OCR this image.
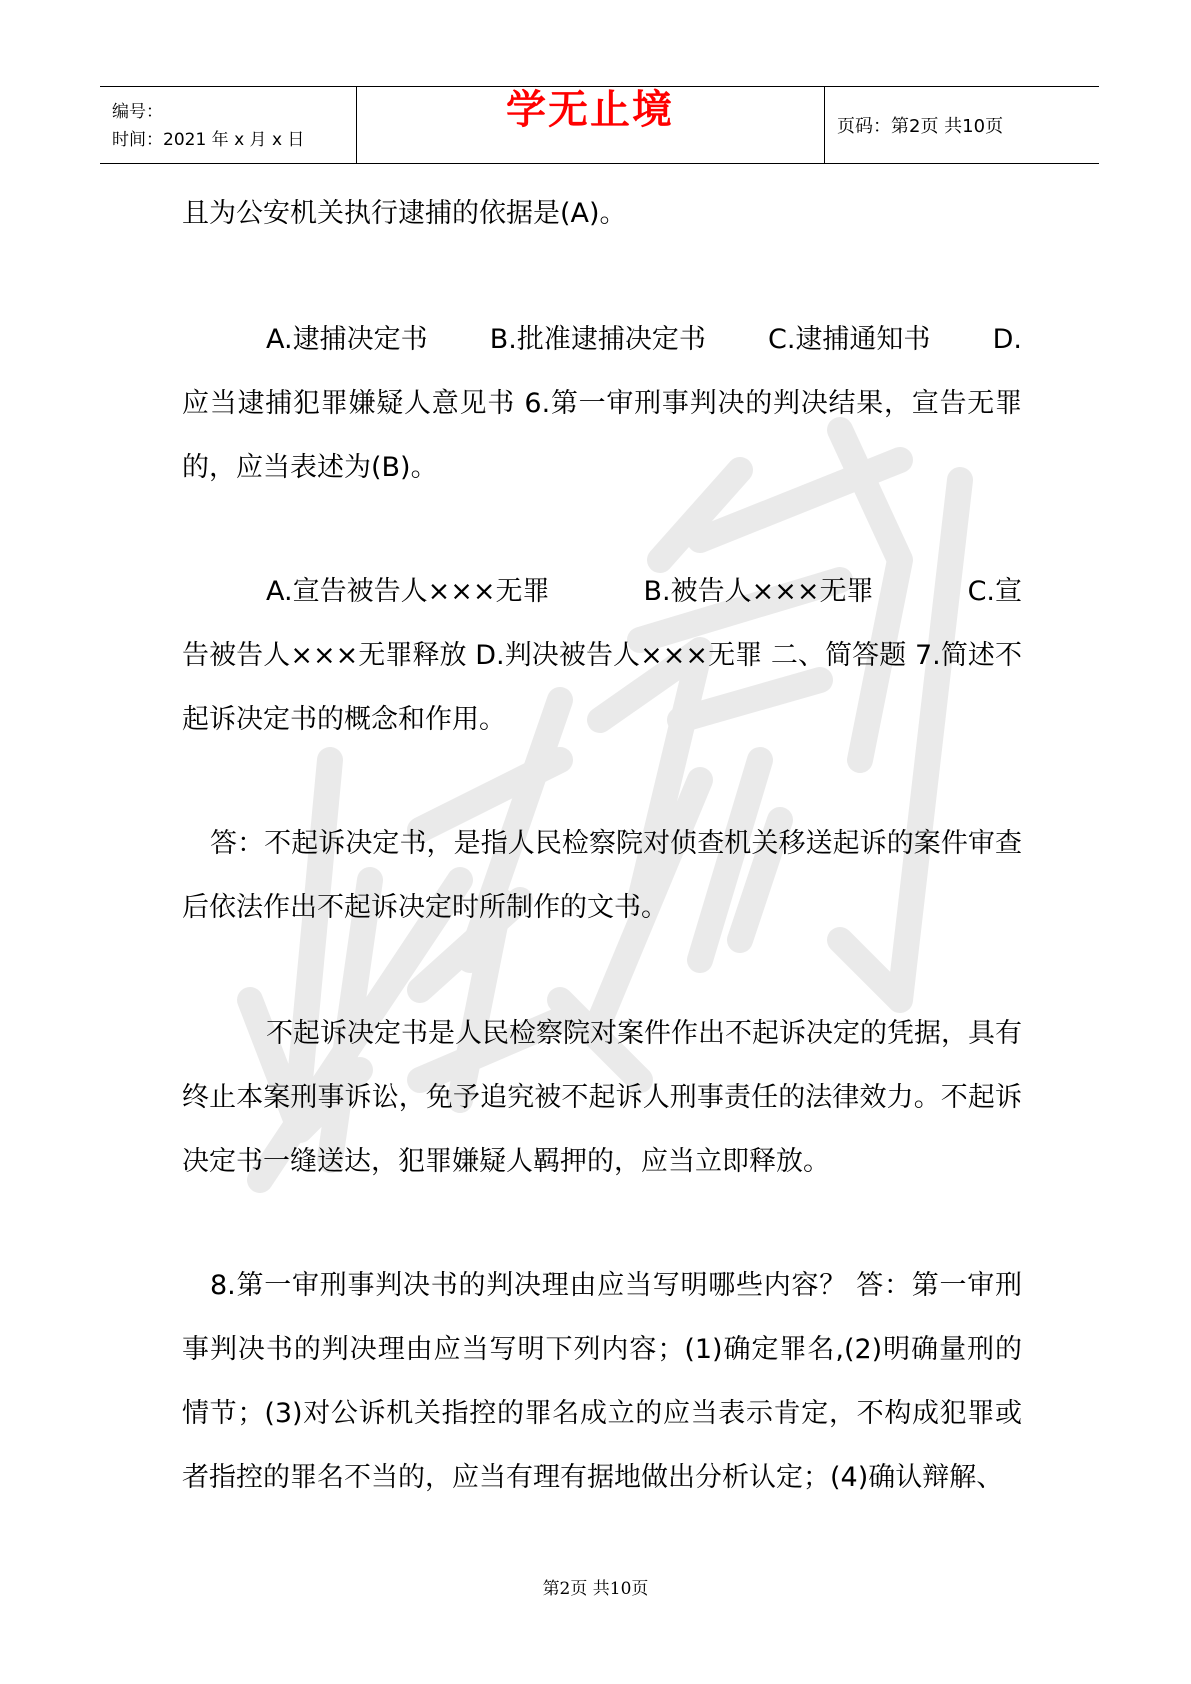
编号：
时间：2021 年 x 月 x 日
学无止境	页码：第2页 共10页

且为公安机关执行逮捕的依据是(A)。

A.逮捕决定书 B.批准逮捕决定书 C.逮捕通知书 D.
应当逮捕犯罪嫌疑人意见书 6.第一审刑事判决的判决结果，宣告无罪的，应当表述为(B)。
A.宣告被告人×××无罪	B.被告人×××无罪	C.宣
告被告人×××无罪释放 D.判决被告人×××无罪 二、简答题 7.简述不起诉决定书的概念和作用。

答：不起诉决定书，是指人民检察院对侦查机关移送起诉的案件审查后依法作出不起诉决定时所制作的文书。

不起诉决定书是人民检察院对案件作出不起诉决定的凭据，具有终止本案刑事诉讼，免予追究被不起诉人刑事责任的法律效力。不起诉决定书一缝送达，犯罪嫌疑人羁押的，应当立即释放。

8.第一审刑事判决书的判决理由应当写明哪些内容？ 答：第一审刑事判决书的判决理由应当写明下列内容；(1)确定罪名,(2)明确量刑的情节；(3)对公诉机关指控的罪名成立的应当表示肯定，不构成犯罪或者指控的罪名不当的，应当有理有据地做出分析认定；(4)确认辩解、

第2页 共10页
